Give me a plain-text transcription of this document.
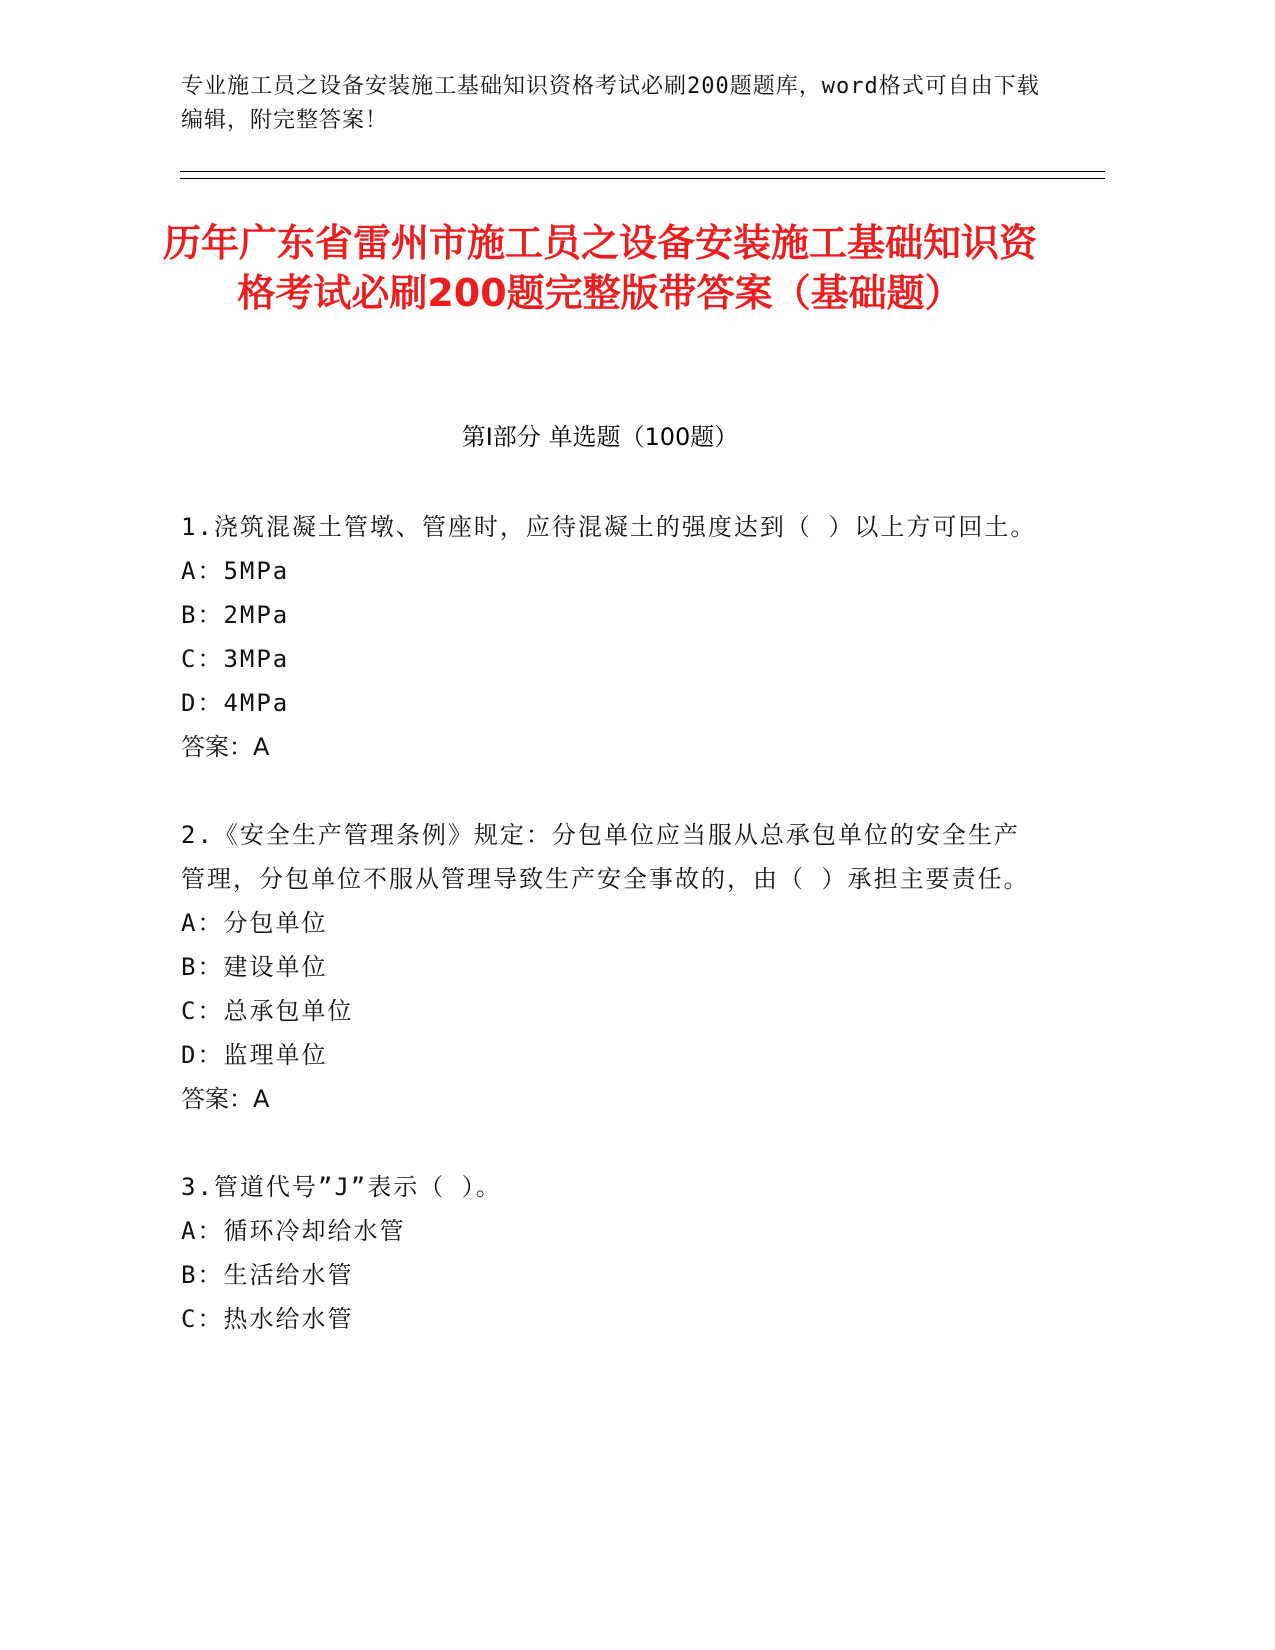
专业施工员之设备安装施工基础知识资格考试必刷200题题库，word格式可自由下载编辑，附完整答案！
历年广东省雷州市施工员之设备安装施工基础知识资格考试必刷200题完整版带答案（基础题）
第Ⅰ部分 单选题（100题）
1.浇筑混凝土管墩、管座时，应待混凝土的强度达到（ ）以上方可回土。
A：5MPa
B：2MPa
C：3MPa
D：4MPa
答案：A
2.《安全生产管理条例》规定：分包单位应当服从总承包单位的安全生产管理，分包单位不服从管理导致生产安全事故的，由（ ）承担主要责任。
A：分包单位
B：建设单位
C：总承包单位
D：监理单位
答案：A
3.管道代号”J”表示（ ）。
A：循环冷却给水管
B：生活给水管
C：热水给水管
